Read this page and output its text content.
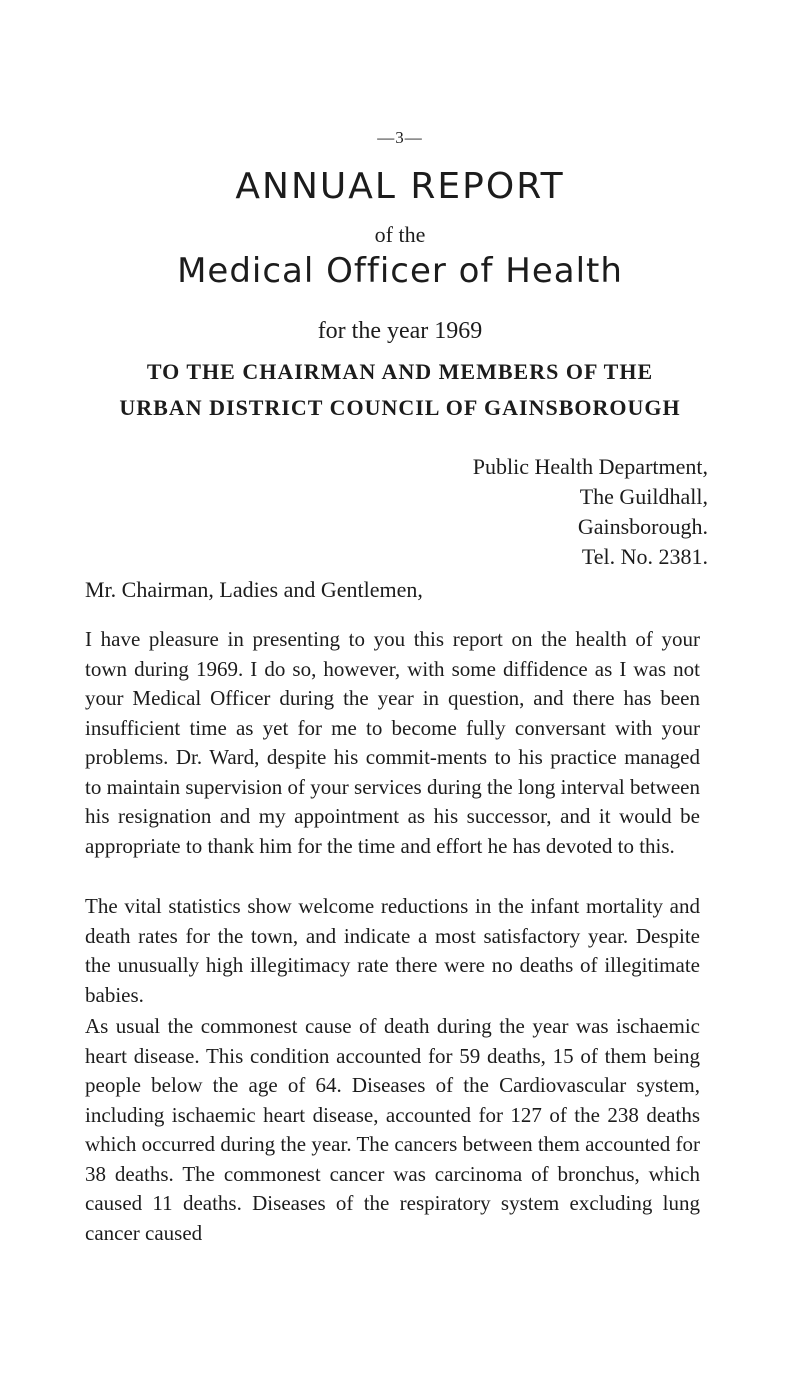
—3—
ANNUAL REPORT
of the
Medical Officer of Health
for the year 1969
TO THE CHAIRMAN AND MEMBERS OF THE
URBAN DISTRICT COUNCIL OF GAINSBOROUGH
Public Health Department,
The Guildhall,
Gainsborough.
Tel. No. 2381.
Mr. Chairman, Ladies and Gentlemen,
I have pleasure in presenting to you this report on the health of your town during 1969. I do so, however, with some diffidence as I was not your Medical Officer during the year in question, and there has been insufficient time as yet for me to become fully conversant with your problems. Dr. Ward, despite his commit-ments to his practice managed to maintain supervision of your services during the long interval between his resignation and my appointment as his successor, and it would be appropriate to thank him for the time and effort he has devoted to this.
The vital statistics show welcome reductions in the infant mortality and death rates for the town, and indicate a most satisfactory year. Despite the unusually high illegitimacy rate there were no deaths of illegitimate babies.
As usual the commonest cause of death during the year was ischaemic heart disease. This condition accounted for 59 deaths, 15 of them being people below the age of 64. Diseases of the Cardiovascular system, including ischaemic heart disease, accounted for 127 of the 238 deaths which occurred during the year. The cancers between them accounted for 38 deaths. The commonest cancer was carcinoma of bronchus, which caused 11 deaths. Diseases of the respiratory system excluding lung cancer caused
